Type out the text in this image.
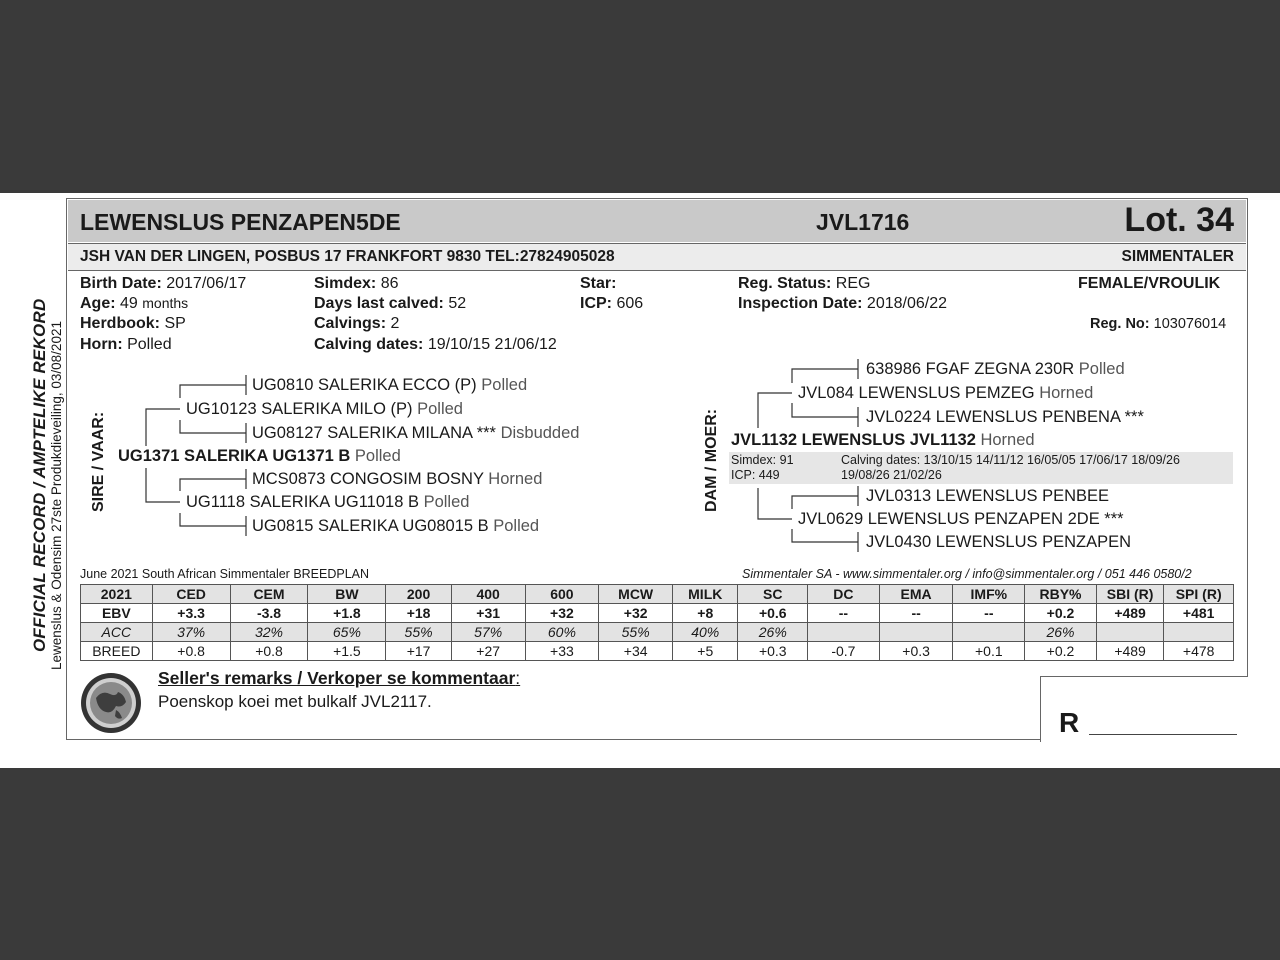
OFFICIAL RECORD / AMPTELIKE REKORD Lewenslus & Odensim 27ste Produkdieveiling, 03/08/2021
LEWENSLUS PENZAPEN5DE	JVL1716	Lot. 34
JSH VAN DER LINGEN, POSBUS 17 FRANKFORT 9830 TEL:27824905028	SIMMENTALER
Birth Date: 2017/06/17
Age: 49 months
Herdbook: SP
Horn: Polled
Simdex: 86
Days last calved: 52
Calvings: 2
Calving dates: 19/10/15 21/06/12
Star:
ICP: 606
Reg. Status: REG
Inspection Date: 2018/06/22
FEMALE/VROULIK
Reg. No: 103076014
SIRE / VAAR:
UG0810 SALERIKA ECCO (P) Polled
UG10123 SALERIKA MILO (P) Polled
UG08127 SALERIKA MILANA *** Disbudded
UG1371 SALERIKA UG1371 B Polled
MCS0873 CONGOSIM BOSNY Horned
UG1118 SALERIKA UG11018 B Polled
UG0815 SALERIKA UG08015 B Polled
DAM / MOER:
638986 FGAF ZEGNA 230R Polled
JVL084 LEWENSLUS PEMZEG Horned
JVL0224 LEWENSLUS PENBENA ***
JVL1132 LEWENSLUS JVL1132 Horned
Simdex: 91
ICP: 449
Calving dates: 13/10/15 14/11/12 16/05/05 17/06/17 18/09/26
19/08/26 21/02/26
JVL0313 LEWENSLUS PENBEE
JVL0629 LEWENSLUS PENZAPEN 2DE ***
JVL0430 LEWENSLUS PENZAPEN
June 2021 South African Simmentaler BREEDPLAN	Simmentaler SA - www.simmentaler.org / info@simmentaler.org / 051 446 0580/2
2021	CED	CEM	BW	200	400	600	MCW	MILK	SC	DC	EMA	IMF%	RBY%	SBI (R)	SPI (R)
EBV	+3.3	-3.8	+1.8	+18	+31	+32	+32	+8	+0.6	--	--	--	+0.2	+489	+481
ACC	37%	32%	65%	55%	57%	60%	55%	40%	26%				26%		
BREED	+0.8	+0.8	+1.5	+17	+27	+33	+34	+5	+0.3	-0.7	+0.3	+0.1	+0.2	+489	+478
Seller's remarks / Verkoper se kommentaar:
Poenskop koei met bulkalf JVL2117.
R
